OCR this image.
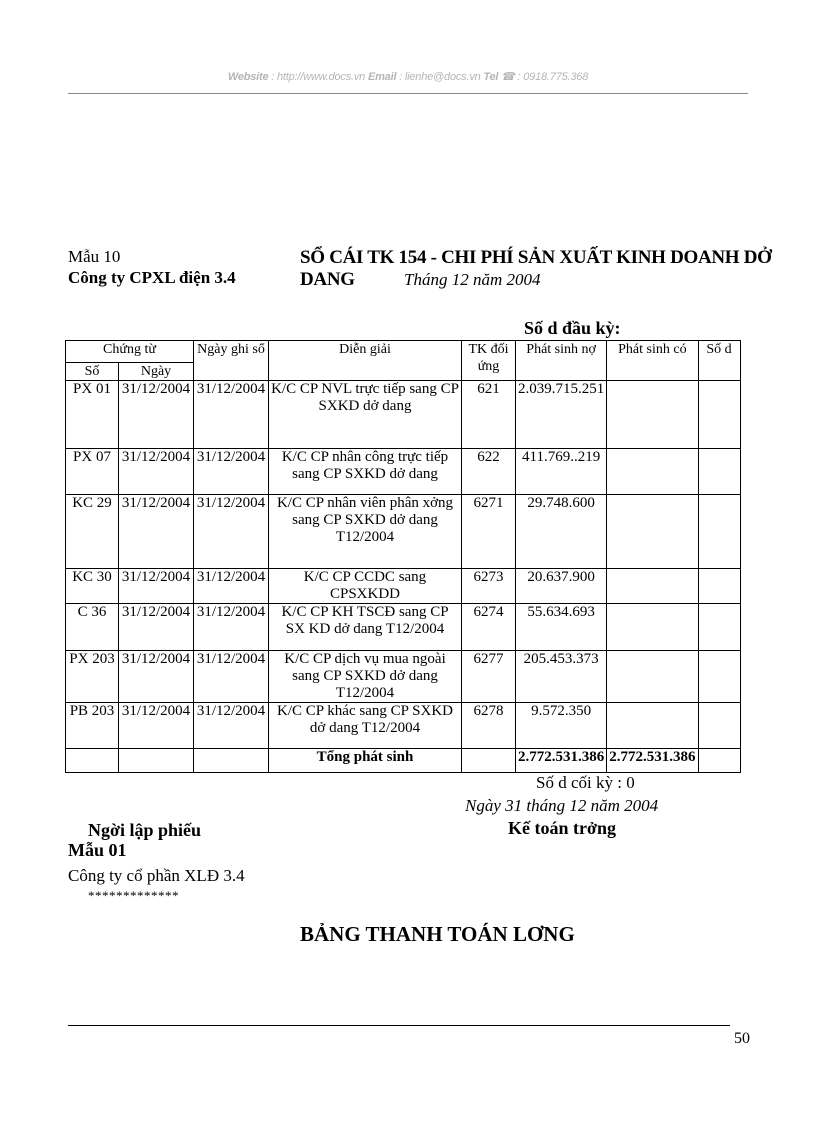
Website : http://www.docs.vn Email : lienhe@docs.vn Tel ☎ : 0918.775.368
Mẫu 10
Công ty CPXL điện 3.4
SỔ CÁI TK 154 - CHI PHÍ SẢN XUẤT KINH DOANH DỞ DANG	Tháng 12 năm 2004
Số d đầu kỳ:
Chứng từ		Ngày ghi sổ	Diễn giải	TK đối ứng	Phát sinh nợ	Phát sinh có	Số d
Số	Ngày						
PX 01	31/12/2004	31/12/2004	K/C CP NVL trực tiếp sang CP SXKD dở dang	621	2.039.715.251		
PX 07	31/12/2004	31/12/2004	K/C CP nhân công trực tiếp sang CP SXKD dở dang	622	411.769..219		
KC 29	31/12/2004	31/12/2004	K/C CP nhân viên phân xởng sang CP SXKD dở dang T12/2004	6271	29.748.600		
KC 30	31/12/2004	31/12/2004	K/C CP CCDC sang CPSXKDD	6273	20.637.900		
C 36	31/12/2004	31/12/2004	K/C CP KH TSCĐ sang CP SX KD dở dang T12/2004	6274	55.634.693		
PX 203	31/12/2004	31/12/2004	K/C CP dịch vụ mua ngoài sang CP SXKD dở dang T12/2004	6277	205.453.373		
PB 203	31/12/2004	31/12/2004	K/C CP khác sang CP SXKD dở dang T12/2004	6278	9.572.350		
			Tổng phát sinh		2.772.531.386	2.772.531.386	
Số d cối kỳ : 0
Ngày 31 tháng 12 năm 2004
Kế toán trởng
Ngời lập phiếu
Mẫu 01
Công ty cổ phần XLĐ 3.4
*************
BẢNG THANH TOÁN LƠNG
50
